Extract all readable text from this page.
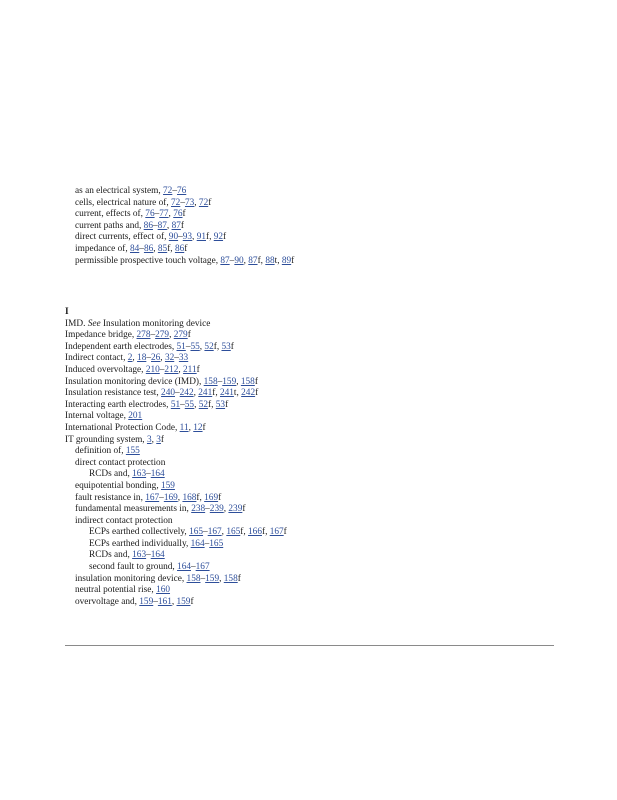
as an electrical system, 72–76
cells, electrical nature of, 72–73, 72f
current, effects of, 76–77, 76f
current paths and, 86–87, 87f
direct currents, effect of, 90–93, 91f, 92f
impedance of, 84–86, 85f, 86f
permissible prospective touch voltage, 87–90, 87f, 88t, 89f
I
IMD. See Insulation monitoring device
Impedance bridge, 278–279, 279f
Independent earth electrodes, 51–55, 52f, 53f
Indirect contact, 2, 18–26, 32–33
Induced overvoltage, 210–212, 211f
Insulation monitoring device (IMD), 158–159, 158f
Insulation resistance test, 240–242, 241f, 241t, 242f
Interacting earth electrodes, 51–55, 52f, 53f
Internal voltage, 201
International Protection Code, 11, 12f
IT grounding system, 3, 3f
definition of, 155
direct contact protection
RCDs and, 163–164
equipotential bonding, 159
fault resistance in, 167–169, 168f, 169f
fundamental measurements in, 238–239, 239f
indirect contact protection
ECPs earthed collectively, 165–167, 165f, 166f, 167f
ECPs earthed individually, 164–165
RCDs and, 163–164
second fault to ground, 164–167
insulation monitoring device, 158–159, 158f
neutral potential rise, 160
overvoltage and, 159–161, 159f
